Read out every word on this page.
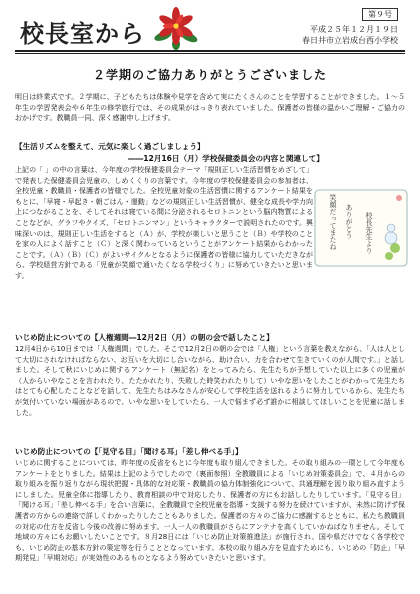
校長室から
第９号
平成２５年１２月１９日
春日井市立岩成台西小学校
２学期のご協力ありがとうございました

明日は終業式です。２学期に、子どもたちは体験や見学を含めて実にたくさんのことを学習することができました。１～５年生の学習発表会や６年生の修学旅行では、その成果がはっきり表れていました。保護者の皆様の温かいご理解・ご協力のおかげです。教職員一同、深く感謝申し上げます。

【生活リズムを整えて、元気に楽しく過ごしましょう】
――12月16日（月）学校保健委員会の内容と関連して】

上記の「 」の中の言葉は、今年度の学校保健委員会テーマ「規則正しい生活習慣をめざして」で発表した保健委員会児童の、しめくくりの言葉です。今年度の学校保健委員会の参加者は、全校児童・教職員・保護者の皆様でした。全校児童対象の生活習慣に関するアンケート結果をもとに、「早寝・早起き・朝ごはん・運動」などの規則正しい生活習慣が、健全な成長や学力向上につながることを、そしてそれは寝ている間に分泌されるセロトニンという脳内物質によることなどが、グラフやクイズ、「セロトニンマン」というキャラクターで説明されたのです。興味深いのは、規則正しい生活をすると（Ａ）が、学校が楽しいと思うこと（Ｂ）や学校のことを家の人によく話すこと（Ｃ）と深く関わっているということがアンケート結果からわかったことです。（Ａ）（Ｂ）（Ｃ）がよいサイクルとなるように保護者の皆様に協力していただきながら、学校経営方針である「児童が笑顔で通いたくなる学校づくり」に努めていきたいと思います。

笑顔だってまたね ありがとう 校長先生より
いじめ防止についての【人権週間―12月2日（月）の朝の会で話したこと】

12月4日から10日までは「人権週間」でした。そこで12月2日の朝の会では「人権」という言葉を教えながら、「人は人として大切にされなければならない、お互いを大切にし合いながら、助け合い、力を合わせて生きていくのが人間です。」と話しました。そして秋にいじめに関するアンケート（無記名）をとってみたら、先生たちが予想していた以上に多くの児童が（人からいやなことを言われたり、たたかれたり、失敗した時笑われたりして）いやな思いをしたことがわかって先生たちはとても心配したことなどを話して、先生たちはみなさんが安心して学校生活を送れるように努力しているから、先生たちが気付いていない場面があるので、いやな思いをしていたら、一人で悩まず必ず誰かに相談してほしいことを児童に話しました。

いじめ防止についての【「見守る目」「聞ける耳」「差し伸べる手」】

いじめに関することについては、昨年度の反省をもとに今年度も取り組んできました。その取り組みの一環として今年度もアンケートをとりました。結果は上記のようでしたので（裏面参照）全教職員による「いじめ対策委員会」で、４月からの取り組みを振り返りながら現状把握・具体的な対応策・教職員の協力体制強化について、共通理解を図り取り組み直すようにしました。児童全体に指導したり、教育相談の中で対応したり、保護者の方にもお話ししたりしています。「見守る目」「聞ける耳」「差し伸べる手」を合い言葉に、全教職員で全校児童を指導・支援する努力を続けていますが、未然に防げず保護者の方からの連絡で詳しくわかったりしたこともありました。保護者の方々のご協力に感謝するとともに、私たち教職員の対応の仕方を反省し今後の改善に努めます。一人一人の教職員がさらにアンテナを高くしていかねばなりません。そして地域の方々にもお願いしたいことです。８月28日には「いじめ防止対策推進法」が施行され、国や県だけでなく各学校でも、いじめ防止の基本方針の策定等を行うこととなっています。本校の取り組み方を見直すためにも、いじめの「防止」「早期発見」「早期対応」が実効性のあるものとなるよう努めていきたいと思います。
